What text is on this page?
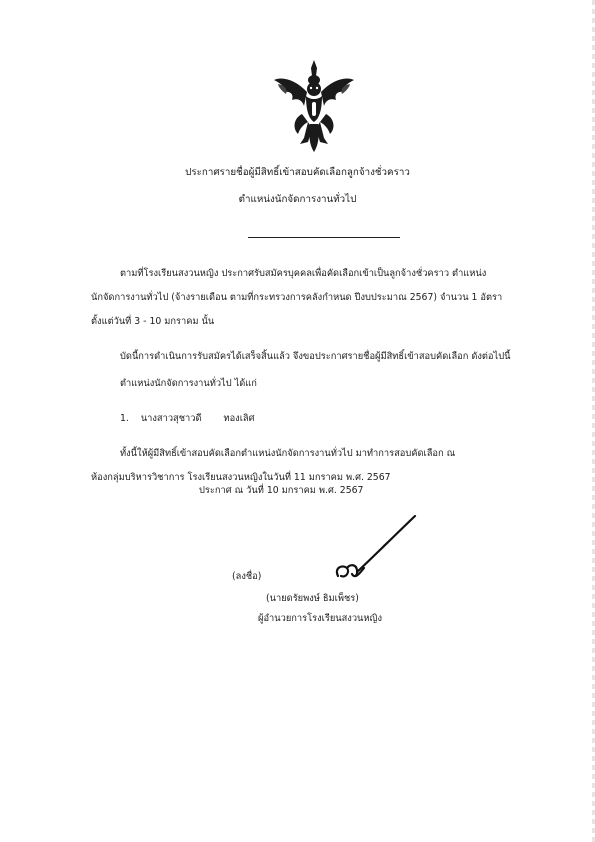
ประกาศรายชื่อผู้มีสิทธิ์เข้าสอบคัดเลือกลูกจ้างชั่วคราว
ตำแหน่งนักจัดการงานทั่วไป
ตามที่โรงเรียนสงวนหญิง ประกาศรับสมัครบุคคลเพื่อคัดเลือกเข้าเป็นลูกจ้างชั่วคราว ตำแหน่ง
นักจัดการงานทั่วไป (จ้างรายเดือน ตามที่กระทรวงการคลังกำหนด ปีงบประมาณ 2567) จำนวน 1 อัตรา
ตั้งแต่วันที่ 3 - 10 มกราคม นั้น
บัดนี้การดำเนินการรับสมัครได้เสร็จสิ้นแล้ว จึงขอประกาศรายชื่อผู้มีสิทธิ์เข้าสอบคัดเลือก ดังต่อไปนี้
ตำแหน่งนักจัดการงานทั่วไป ได้แก่
1. นางสาวสุชาวดี ทองเลิศ
ทั้งนี้ให้ผู้มีสิทธิ์เข้าสอบคัดเลือกตำแหน่งนักจัดการงานทั่วไป มาทำการสอบคัดเลือก ณ
ห้องกลุ่มบริหารวิชาการ โรงเรียนสงวนหญิงในวันที่ 11 มกราคม พ.ศ. 2567
ประกาศ ณ วันที่ 10 มกราคม พ.ศ. 2567
(ลงชื่อ)
(นายดรัยพงษ์ ธิมเพ็ชร)
ผู้อำนวยการโรงเรียนสงวนหญิง
